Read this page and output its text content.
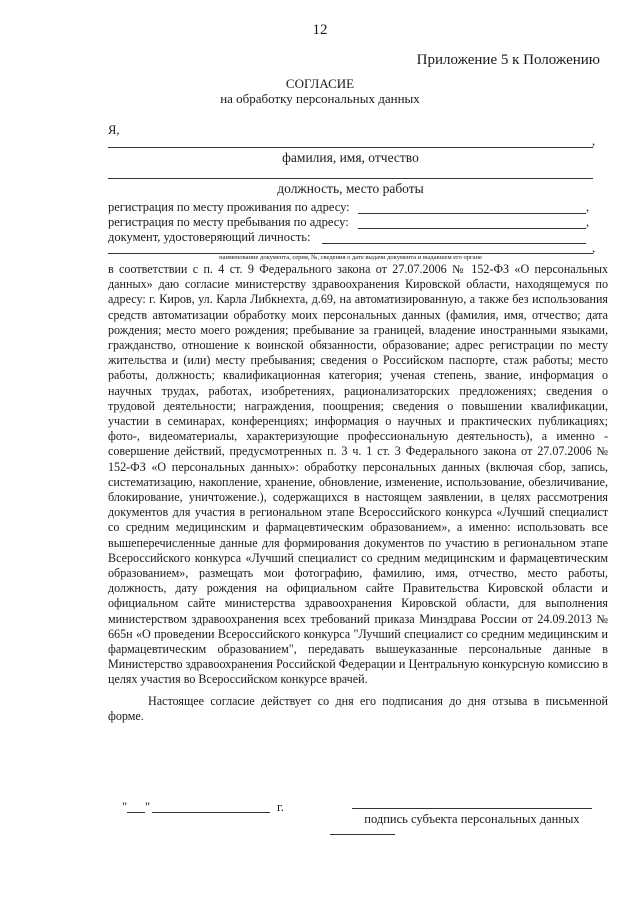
12
Приложение 5 к Положению
СОГЛАСИЕ
на обработку персональных данных
Я,
,
фамилия, имя, отчество
должность, место работы
регистрация по месту проживания по адресу:	,
регистрация по месту пребывания по адресу:	,
документ, удостоверяющий личность:
,
наименование документа, серия, №, сведения о дате выдачи документа и выдавшем его органе

в соответствии с п. 4 ст. 9 Федерального закона от 27.07.2006 № 152-ФЗ «О персональных данных» даю согласие министерству здравоохранения Кировской области, находящемуся по адресу: г. Киров, ул. Карла Либкнехта, д.69, на автоматизированную, а также без использования средств автоматизации обработку моих персональных данных (фамилия, имя, отчество; дата рождения; место моего рождения; пребывание за границей, владение иностранными языками, гражданство, отношение к воинской обязанности, образование; адрес регистрации по месту жительства и (или) месту пребывания; сведения о Российском паспорте, стаж работы; место работы, должность; квалификационная категория; ученая степень, звание, информация о научных трудах, работах, изобретениях, рационализаторских предложениях; сведения о трудовой деятельности; награждения, поощрения; сведения о повышении квалификации, участии в семинарах, конференциях; информация о научных и практических публикациях; фото-, видеоматериалы, характеризующие профессиональную деятельность), а именно - совершение действий, предусмотренных п. 3 ч. 1 ст. 3 Федерального закона от 27.07.2006 № 152-ФЗ «О персональных данных»: обработку персональных данных (включая сбор, запись, систематизацию, накопление, хранение, обновление, изменение, использование, обезличивание, блокирование, уничтожение.), содержащихся в настоящем заявлении, в целях рассмотрения документов для участия в региональном этапе Всероссийского конкурса «Лучший специалист со средним медицинским и фармацевтическим образованием», а именно: использовать все вышеперечисленные данные для формирования документов по участию в региональном этапе Всероссийского конкурса «Лучший специалист со средним медицинским и фармацевтическим образованием», размещать мои фотографию, фамилию, имя, отчество, место работы, должность, дату рождения на официальном сайте Правительства Кировской области и официальном сайте министерства здравоохранения Кировской области, для выполнения министерством здравоохранения всех требований приказа Минздрава России от 24.09.2013 № 665н «О проведении Всероссийского конкурса "Лучший специалист со средним медицинским и фармацевтическим образованием", передавать вышеуказанные персональные данные в Министерство здравоохранения Российской Федерации и Центральную конкурсную комиссию в целях участия во Всероссийском конкурсе врачей.

Настоящее согласие действует со дня его подписания до дня отзыва в письменной форме.

" "	г.
подпись субъекта персональных данных
